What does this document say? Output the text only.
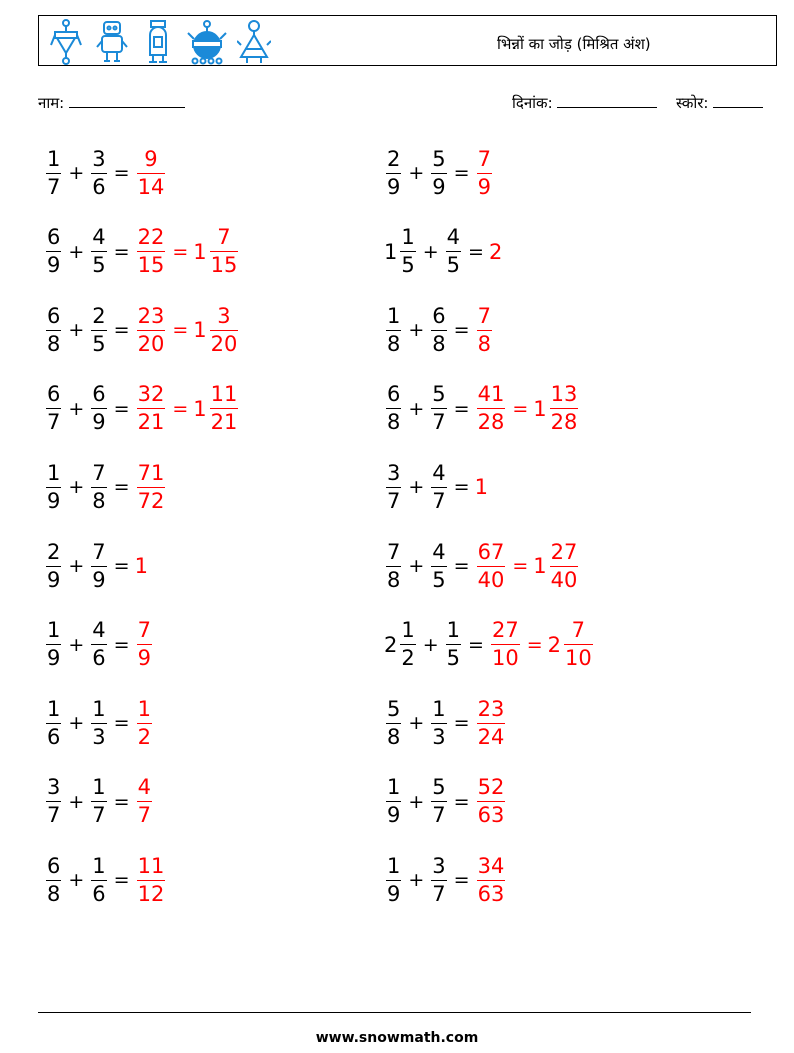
भिन्नों का जोड़ (मिश्रित अंश)
नाम:	दिनांक:	स्कोर:
$\frac{1}{7} + \frac{3}{6} = \frac{9}{14}$
$\frac{6}{9} + \frac{4}{5} = \frac{22}{15} = 1 \frac{7}{15}$
$\frac{6}{8} + \frac{2}{5} = \frac{23}{20} = 1 \frac{3}{20}$
$\frac{6}{7} + \frac{6}{9} = \frac{32}{21} = 1 \frac{11}{21}$
$\frac{1}{9} + \frac{7}{8} = \frac{71}{72}$
$\frac{2}{9} + \frac{7}{9} = 1$
$\frac{1}{9} + \frac{4}{6} = \frac{7}{9}$
$\frac{1}{6} + \frac{1}{3} = \frac{1}{2}$
$\frac{3}{7} + \frac{1}{7} = \frac{4}{7}$
$\frac{6}{8} + \frac{1}{6} = \frac{11}{12}$
$\frac{2}{9} + \frac{5}{9} = \frac{7}{9}$
$1 \frac{1}{5} + \frac{4}{5} = 2$
$\frac{1}{8} + \frac{6}{8} = \frac{7}{8}$
$\frac{6}{8} + \frac{5}{7} = \frac{41}{28} = 1 \frac{13}{28}$
$\frac{3}{7} + \frac{4}{7} = 1$
$\frac{7}{8} + \frac{4}{5} = \frac{67}{40} = 1 \frac{27}{40}$
$2 \frac{1}{2} + \frac{1}{5} = \frac{27}{10} = 2 \frac{7}{10}$
$\frac{5}{8} + \frac{1}{3} = \frac{23}{24}$
$\frac{1}{9} + \frac{5}{7} = \frac{52}{63}$
$\frac{1}{9} + \frac{3}{7} = \frac{34}{63}$
www.snowmath.com
